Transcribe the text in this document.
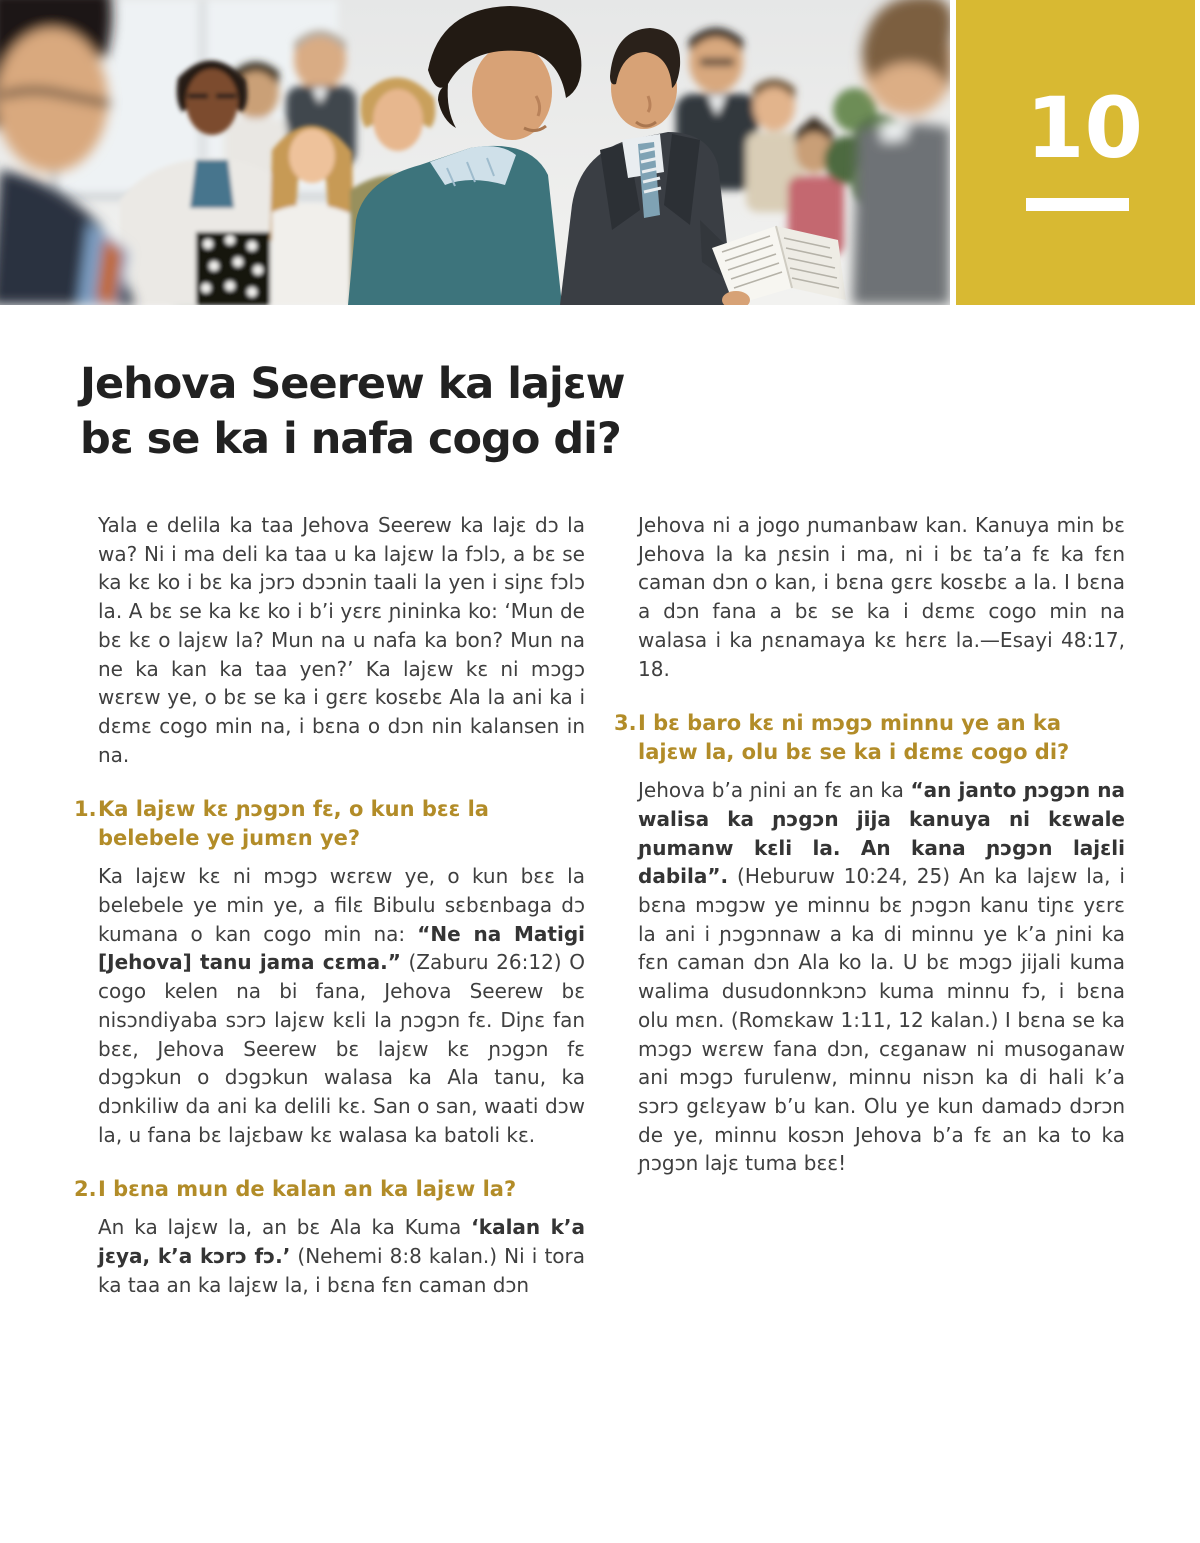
10
Jehova Seerew ka lajɛw
bɛ se ka i nafa cogo di?

Yala e delila ka taa Jehova Seerew ka lajɛ dɔ la wa? Ni i ma deli ka taa u ka lajɛw la fɔlɔ, a bɛ se ka kɛ ko i bɛ ka jɔrɔ dɔɔnin taali la yen i siɲɛ fɔlɔ la. A bɛ se ka kɛ ko i b’i yɛrɛ ɲininka ko: ‘Mun de bɛ kɛ o lajɛw la? Mun na u nafa ka bon? Mun na ne ka kan ka taa yen?’ Ka lajɛw kɛ ni mɔgɔ wɛrɛw ye, o bɛ se ka i gɛrɛ kosɛbɛ Ala la ani ka i dɛmɛ cogo min na, i bɛna o dɔn nin kalansen in na.

1.Ka lajɛw kɛ ɲɔgɔn fɛ, o kun bɛɛ la belebele ye jumɛn ye?

Ka lajɛw kɛ ni mɔgɔ wɛrɛw ye, o kun bɛɛ la belebele ye min ye, a filɛ Bibulu sɛbɛnbaga dɔ kumana o kan cogo min na: “Ne na Matigi [Jehova] tanu jama cɛma.” (Zaburu 26:12) O cogo kelen na bi fana, Jehova Seerew bɛ nisɔndiyaba sɔrɔ lajɛw kɛli la ɲɔgɔn fɛ. Diɲɛ fan bɛɛ, Jehova Seerew bɛ lajɛw kɛ ɲɔgɔn fɛ dɔgɔkun o dɔgɔkun walasa ka Ala tanu, ka dɔnkiliw da ani ka delili kɛ. San o san, waati dɔw la, u fana bɛ lajɛbaw kɛ walasa ka batoli kɛ.

2.I bɛna mun de kalan an ka lajɛw la?

An ka lajɛw la, an bɛ Ala ka Kuma ‘kalan k’a jɛya, k’a kɔrɔ fɔ.’ (Nehemi 8:8 kalan.) Ni i tora ka taa an ka lajɛw la, i bɛna fɛn caman dɔn

Jehova ni a jogo ɲumanbaw kan. Kanuya min bɛ Jehova la ka ɲɛsin i ma, ni i bɛ ta’a fɛ ka fɛn caman dɔn o kan, i bɛna gɛrɛ kosɛbɛ a la. I bɛna a dɔn fana a bɛ se ka i dɛmɛ cogo min na walasa i ka ɲɛnamaya kɛ hɛrɛ la.—Esayi 48:17, 18.

3.I bɛ baro kɛ ni mɔgɔ minnu ye an ka lajɛw la, olu bɛ se ka i dɛmɛ cogo di?

Jehova b’a ɲini an fɛ an ka “an janto ɲɔgɔn na walisa ka ɲɔgɔn jija kanuya ni kɛwale ɲumanw kɛli la. An kana ɲɔgɔn lajɛli dabila”. (Heburuw 10:24, 25) An ka lajɛw la, i bɛna mɔgɔw ye minnu bɛ ɲɔgɔn kanu tiɲɛ yɛrɛ la ani i ɲɔgɔnnaw a ka di minnu ye k’a ɲini ka fɛn caman dɔn Ala ko la. U bɛ mɔgɔ jijali kuma walima dusudonnkɔnɔ kuma minnu fɔ, i bɛna olu mɛn. (Romɛkaw 1:11, 12 kalan.) I bɛna se ka mɔgɔ wɛrɛw fana dɔn, cɛganaw ni musoganaw ani mɔgɔ furulenw, minnu nisɔn ka di hali k’a sɔrɔ gɛlɛyaw b’u kan. Olu ye kun damadɔ dɔrɔn de ye, minnu kosɔn Jehova b’a fɛ an ka to ka ɲɔgɔn lajɛ tuma bɛɛ!
